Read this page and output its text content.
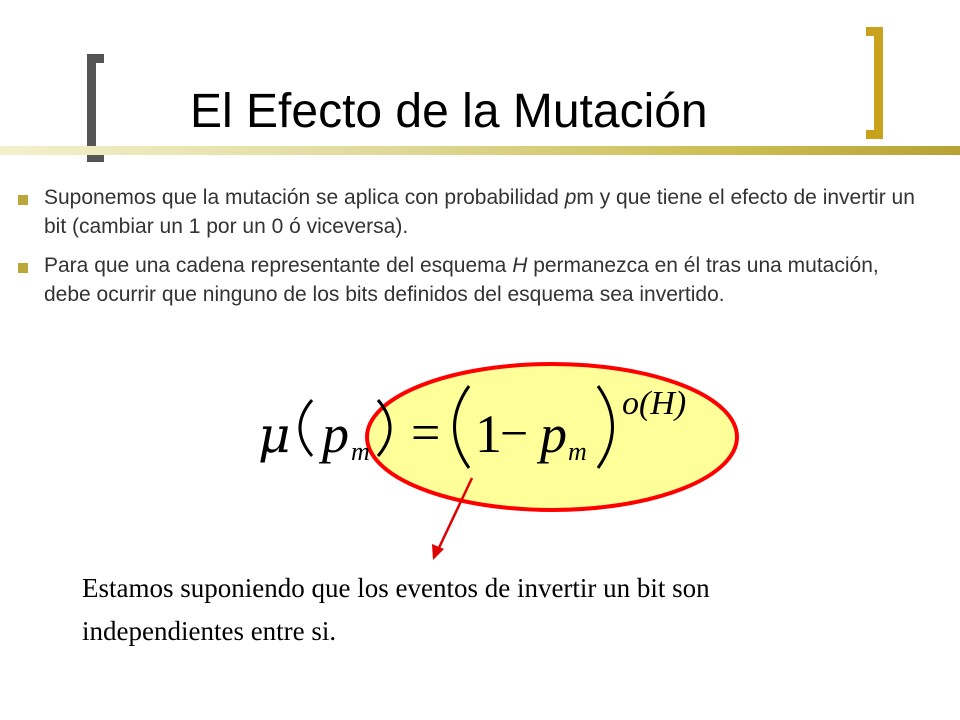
El Efecto de la Mutación
Suponemos que la mutación se aplica con probabilidad pm y que tiene el efecto de invertir un bit (cambiar un 1 por un 0 ó viceversa).
Para que una cadena representante del esquema H permanezca en él tras una mutación, debe ocurrir que ninguno de los bits definidos del esquema sea invertido.
μ p m = 1
− p m
o(H)
Estamos suponiendo que los eventos de invertir un bit son independientes entre si.
